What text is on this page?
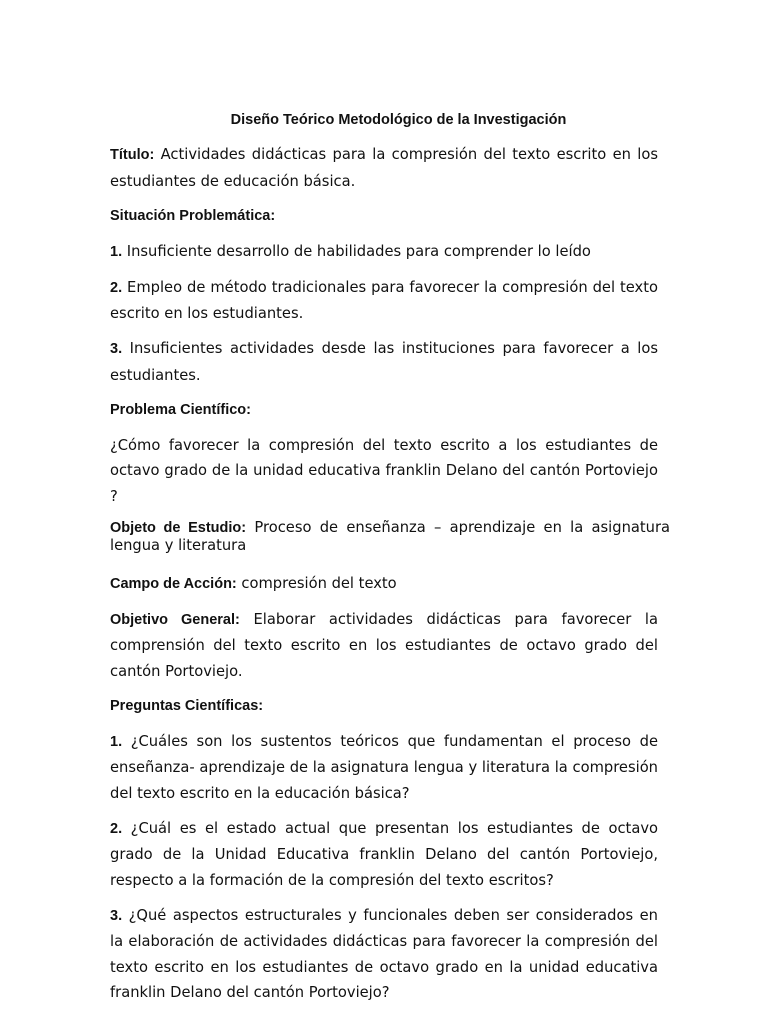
Diseño Teórico Metodológico de la Investigación

Título: Actividades didácticas para la compresión del texto escrito en los estudiantes de educación básica.

Situación Problemática:

1. Insuficiente desarrollo de habilidades para comprender lo leído

2. Empleo de método tradicionales para favorecer la compresión del texto escrito en los estudiantes.

3. Insuficientes actividades desde las instituciones para favorecer a los estudiantes.

Problema Científico:

¿Cómo favorecer la compresión del texto escrito a los estudiantes de octavo grado de la unidad educativa franklin Delano del cantón Portoviejo ?

Objeto de Estudio: Proceso de enseñanza – aprendizaje en la asignatura lengua y literatura

Campo de Acción: compresión del texto

Objetivo General: Elaborar actividades didácticas para favorecer la comprensión del texto escrito en los estudiantes de octavo grado del cantón Portoviejo.

Preguntas Científicas:

1. ¿Cuáles son los sustentos teóricos que fundamentan el proceso de enseñanza- aprendizaje de la asignatura lengua y literatura la compresión del texto escrito en la educación básica?

2. ¿Cuál es el estado actual que presentan los estudiantes de octavo grado de la Unidad Educativa franklin Delano del cantón Portoviejo, respecto a la formación de la compresión del texto escritos?

3. ¿Qué aspectos estructurales y funcionales deben ser considerados en la elaboración de actividades didácticas para favorecer la compresión del texto escrito en los estudiantes de octavo grado en la unidad educativa franklin Delano del cantón Portoviejo?
